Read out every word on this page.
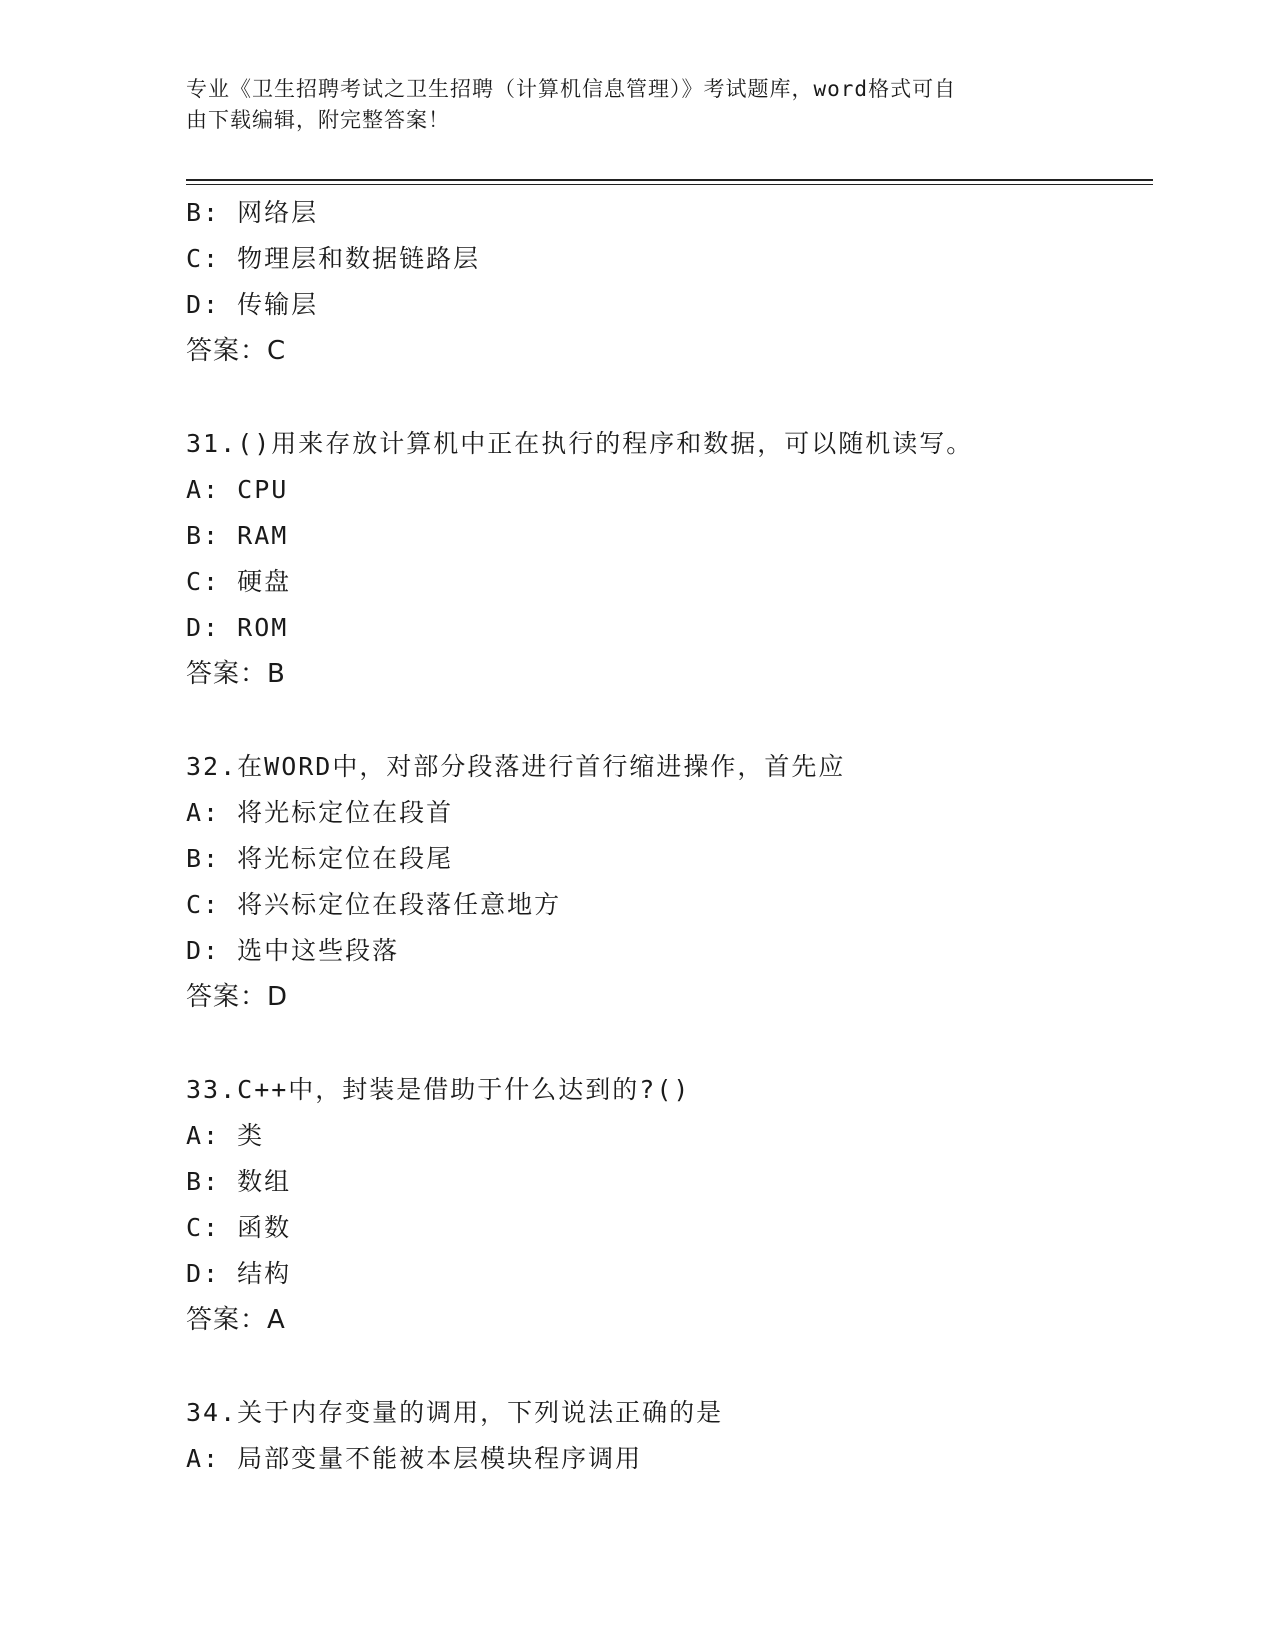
专业《卫生招聘考试之卫生招聘（计算机信息管理）》考试题库，word格式可自
由下载编辑，附完整答案！
B: 网络层
C: 物理层和数据链路层
D: 传输层
答案：C
31.()用来存放计算机中正在执行的程序和数据，可以随机读写。
A: CPU
B: RAM
C: 硬盘
D: ROM
答案：B
32.在WORD中，对部分段落进行首行缩进操作，首先应
A: 将光标定位在段首
B: 将光标定位在段尾
C: 将兴标定位在段落任意地方
D: 选中这些段落
答案：D
33.C++中，封装是借助于什么达到的?()
A: 类
B: 数组
C: 函数
D: 结构
答案：A
34.关于内存变量的调用，下列说法正确的是
A: 局部变量不能被本层模块程序调用
